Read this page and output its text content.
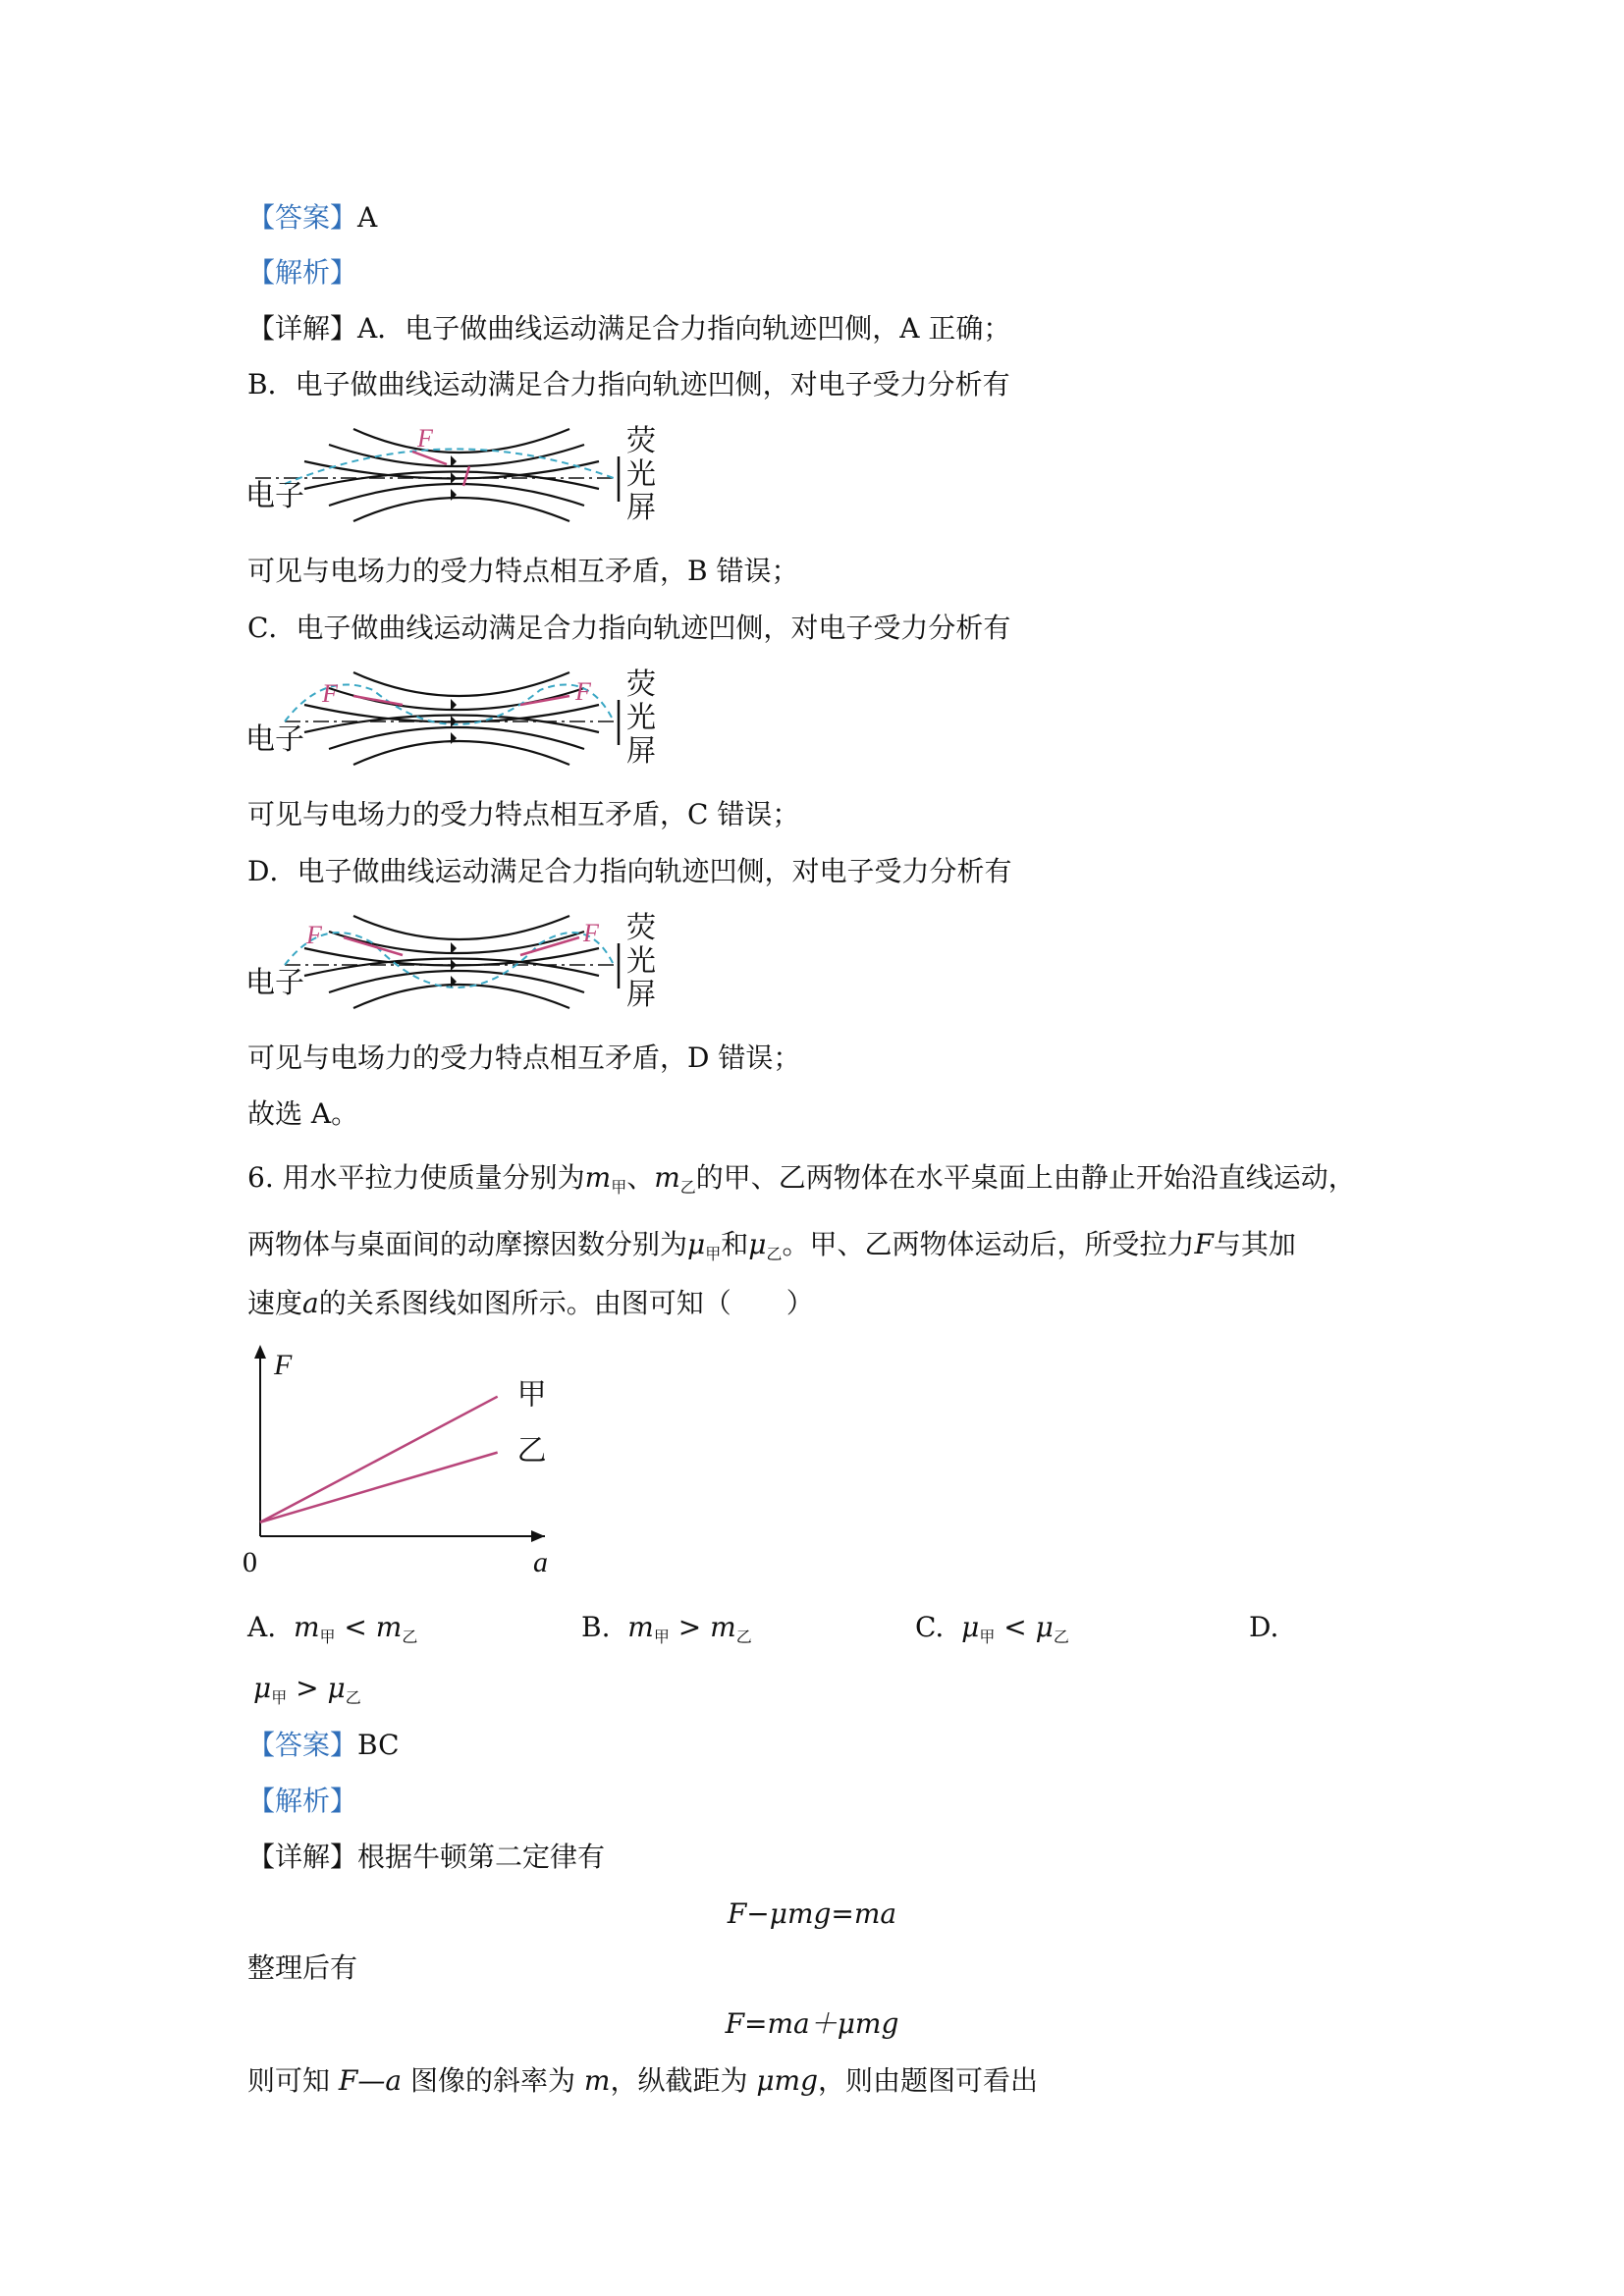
【答案】A
【解析】
【详解】A．电子做曲线运动满足合力指向轨迹凹侧，A 正确；
B．电子做曲线运动满足合力指向轨迹凹侧，对电子受力分析有
F
电子
荧
光
屏
可见与电场力的受力特点相互矛盾，B 错误；
C．电子做曲线运动满足合力指向轨迹凹侧，对电子受力分析有
F	F
电子
荧
光
屏
可见与电场力的受力特点相互矛盾，C 错误；
D．电子做曲线运动满足合力指向轨迹凹侧，对电子受力分析有
F	F
电子
荧
光
屏
可见与电场力的受力特点相互矛盾，D 错误；
故选 A。
6. 用水平拉力使质量分别为$m_甲$、$m_乙$的甲、乙两物体在水平桌面上由静止开始沿直线运动，
两物体与桌面间的动摩擦因数分别为$\mu_甲$和$\mu_乙$。甲、乙两物体运动后，所受拉力F与其加
速度a的关系图线如图所示。由图可知（　　）
F
a
0
甲
乙
A. $m_甲 < m_乙$	B. $m_甲 > m_乙$	C. $\mu_甲 < \mu_乙$	D.
$\mu_甲 > \mu_乙$
【答案】BC
【解析】
【详解】根据牛顿第二定律有
F−μmg=ma
整理后有
F=ma＋μmg
则可知 F—a 图像的斜率为 m，纵截距为 μmg，则由题图可看出
